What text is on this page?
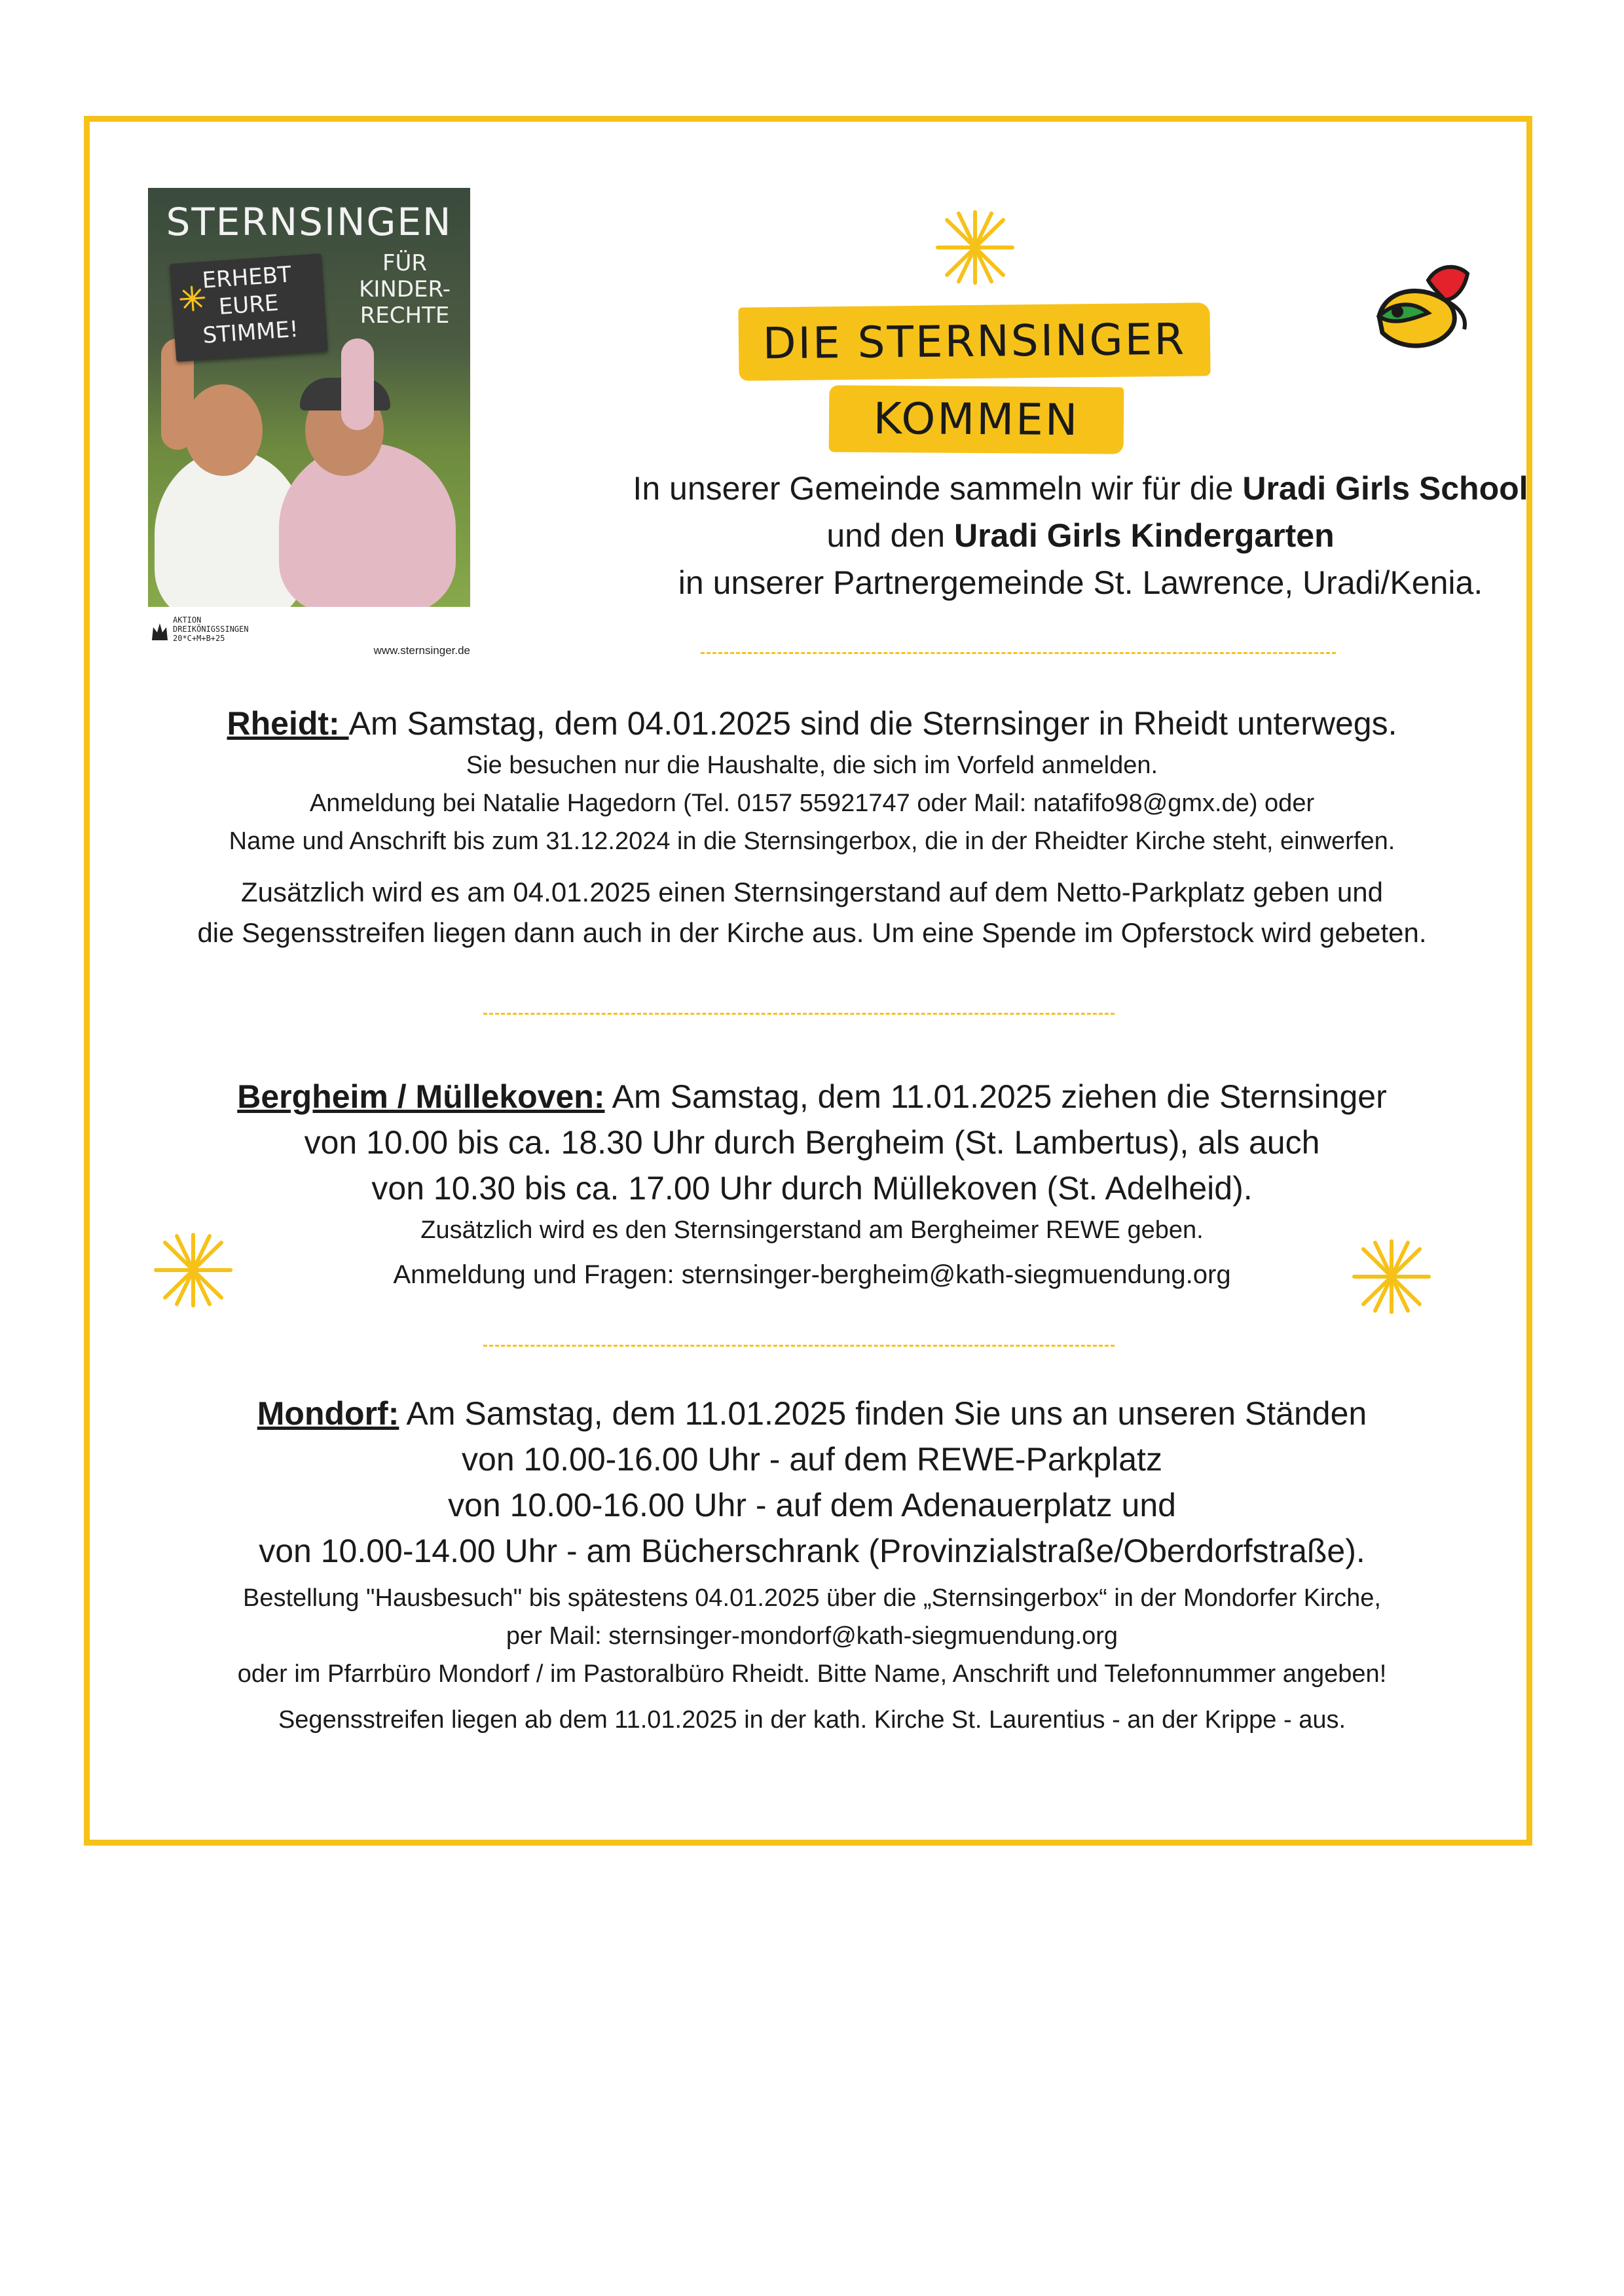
STERNSINGEN
FÜR
KINDER-
RECHTE
ERHEBT
EURE
STIMME!
AKTION
DREIKÖNIGSSINGEN
20*C+M+B+25
www.sternsinger.de
DIE STERNSINGER
KOMMEN
In unserer Gemeinde sammeln wir für die Uradi Girls School
und den Uradi Girls Kindergarten
in unserer Partnergemeinde St. Lawrence, Uradi/Kenia.
Rheidt: Am Samstag, dem 04.01.2025 sind die Sternsinger in Rheidt unterwegs.
Sie besuchen nur die Haushalte, die sich im Vorfeld anmelden.
Anmeldung bei Natalie Hagedorn (Tel. 0157 55921747 oder Mail: natafifo98@gmx.de) oder
Name und Anschrift bis zum 31.12.2024 in die Sternsingerbox, die in der Rheidter Kirche steht, einwerfen.
Zusätzlich wird es am 04.01.2025 einen Sternsingerstand auf dem Netto-Parkplatz geben und
die Segensstreifen liegen dann auch in der Kirche aus. Um eine Spende im Opferstock wird gebeten.
Bergheim / Müllekoven: Am Samstag, dem 11.01.2025 ziehen die Sternsinger
von 10.00 bis ca. 18.30 Uhr durch Bergheim (St. Lambertus), als auch
von 10.30 bis ca. 17.00 Uhr durch Müllekoven (St. Adelheid).
Zusätzlich wird es den Sternsingerstand am Bergheimer REWE geben.
Anmeldung und Fragen: sternsinger-bergheim@kath-siegmuendung.org
Mondorf: Am Samstag, dem 11.01.2025 finden Sie uns an unseren Ständen
von 10.00-16.00 Uhr - auf dem REWE-Parkplatz
von 10.00-16.00 Uhr - auf dem Adenauerplatz und
von 10.00-14.00 Uhr - am Bücherschrank (Provinzialstraße/Oberdorfstraße).
Bestellung "Hausbesuch" bis spätestens 04.01.2025 über die „Sternsingerbox“ in der Mondorfer Kirche,
per Mail: sternsinger-mondorf@kath-siegmuendung.org
oder im Pfarrbüro Mondorf / im Pastoralbüro Rheidt. Bitte Name, Anschrift und Telefonnummer angeben!
Segensstreifen liegen ab dem 11.01.2025 in der kath. Kirche St. Laurentius - an der Krippe - aus.
